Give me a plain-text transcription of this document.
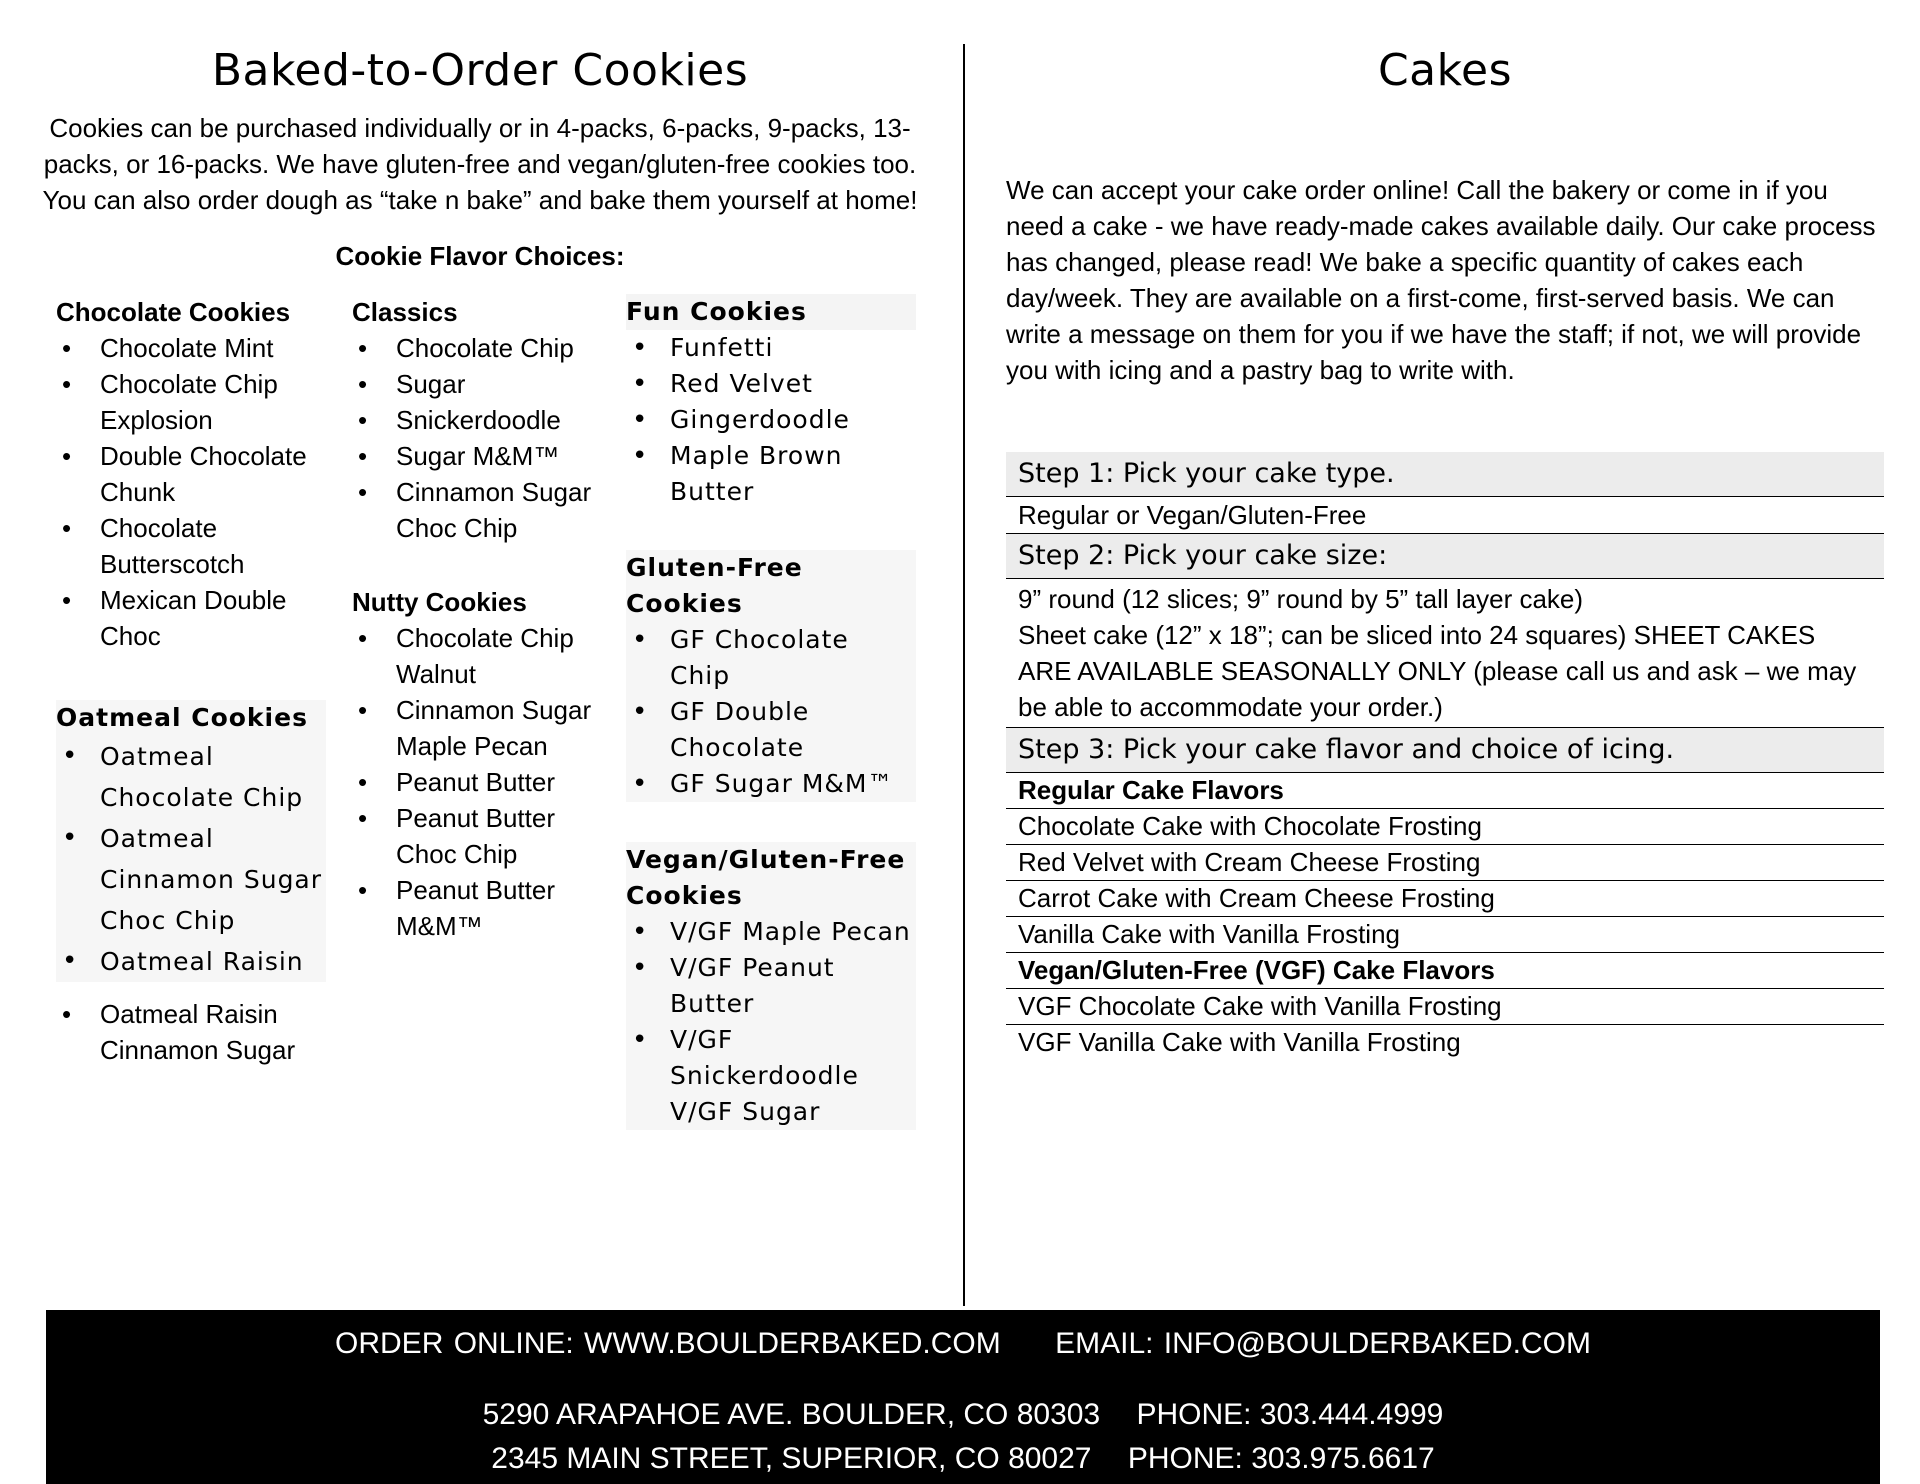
Baked-to-Order Cookies

Cookies can be purchased individually or in 4-packs, 6-packs, 9-packs, 13-packs, or 16-packs. We have gluten-free and vegan/gluten-free cookies too. You can also order dough as “take n bake” and bake them yourself at home!

Cookie Flavor Choices:
Chocolate Cookies
• Chocolate Mint
• Chocolate Chip Explosion
• Double Chocolate Chunk
• Chocolate Butterscotch
• Mexican Double Choc
Oatmeal Cookies
• Oatmeal Chocolate Chip
• Oatmeal Cinnamon Sugar Choc Chip
• Oatmeal Raisin
• Oatmeal Raisin Cinnamon Sugar
Classics
• Chocolate Chip
• Sugar
• Snickerdoodle
• Sugar M&M™
• Cinnamon Sugar Choc Chip
Nutty Cookies
• Chocolate Chip Walnut
• Cinnamon Sugar Maple Pecan
• Peanut Butter
• Peanut Butter Choc Chip
• Peanut Butter M&M™
Fun Cookies
• Funfetti
• Red Velvet
• Gingerdoodle
• Maple Brown Butter
Gluten-Free Cookies
• GF Chocolate Chip
• GF Double Chocolate
• GF Sugar M&M™
Vegan/Gluten-Free Cookies
• V/GF Maple Pecan
• V/GF Peanut Butter
• V/GF Snickerdoodle V/GF Sugar
Cakes

We can accept your cake order online! Call the bakery or come in if you need a cake - we have ready-made cakes available daily. Our cake process has changed, please read! We bake a specific quantity of cakes each day/week. They are available on a first-come, first-served basis. We can write a message on them for you if we have the staff; if not, we will provide you with icing and a pastry bag to write with.

Step 1: Pick your cake type.
Regular or Vegan/Gluten-Free
Step 2: Pick your cake size:
9” round (12 slices; 9” round by 5” tall layer cake)
Sheet cake (12” x 18”; can be sliced into 24 squares) SHEET CAKES ARE AVAILABLE SEASONALLY ONLY (please call us and ask – we may be able to accommodate your order.)
Step 3: Pick your cake flavor and choice of icing.
Regular Cake Flavors
Chocolate Cake with Chocolate Frosting
Red Velvet with Cream Cheese Frosting
Carrot Cake with Cream Cheese Frosting
Vanilla Cake with Vanilla Frosting
Vegan/Gluten-Free (VGF) Cake Flavors
VGF Chocolate Cake with Vanilla Frosting
VGF Vanilla Cake with Vanilla Frosting
ORDER ONLINE: WWW.BOULDERBAKED.COM EMAIL: INFO@BOULDERBAKED.COM
5290 ARAPAHOE AVE. BOULDER, CO 80303 PHONE: 303.444.4999
2345 MAIN STREET, SUPERIOR, CO 80027 PHONE: 303.975.6617
